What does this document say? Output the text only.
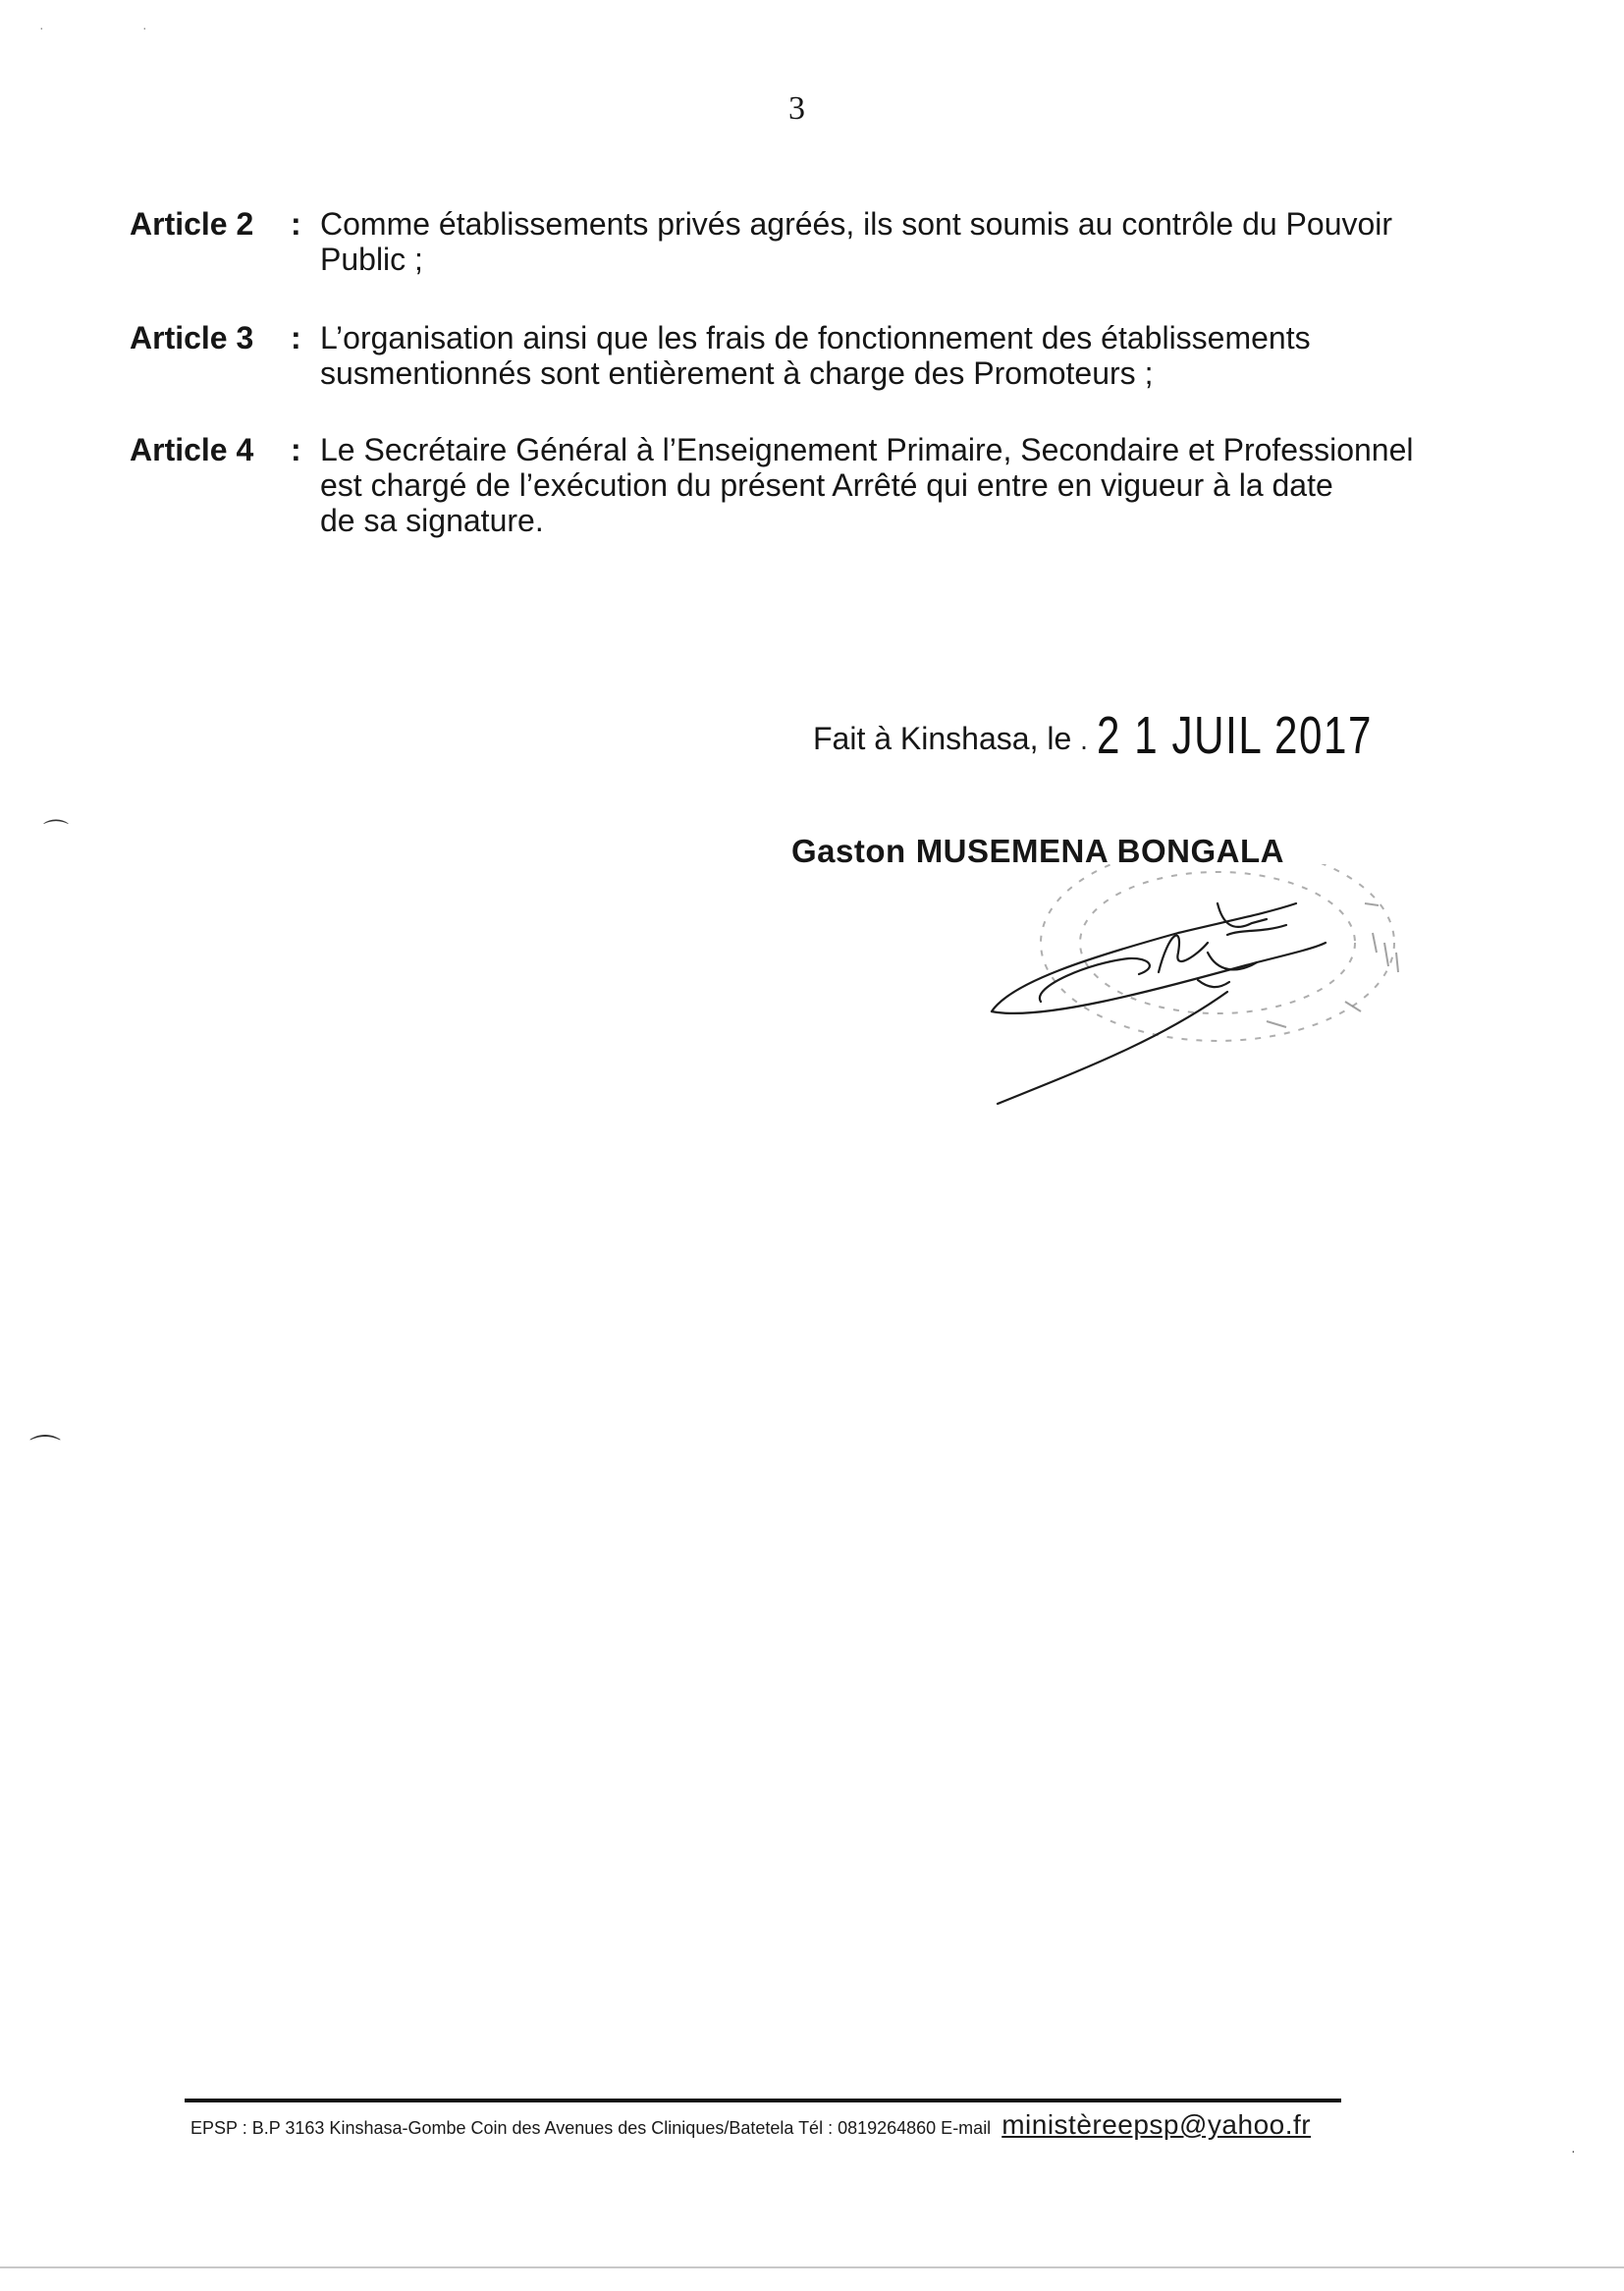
3
Article 2	: Comme établissements privés agréés, ils sont soumis au contrôle du Pouvoir
Public ;
Article 3	: L’organisation ainsi que les frais de fonctionnement des établissements
susmentionnés sont entièrement à charge des Promoteurs ;
Article 4	: Le Secrétaire Général à l’Enseignement Primaire, Secondaire et Professionnel
est chargé de l’exécution du présent Arrêté qui entre en vigueur à la date
de sa signature.
Fait à Kinshasa, le . 2 1 JUIL 2017
Gaston MUSEMENA BONGALA
·	·
⌒
⌒
·
EPSP : B.P 3163 Kinshasa-Gombe Coin des Avenues des Cliniques/Batetela Tél : 0819264860 E-mail ministèreepsp@yahoo.fr
